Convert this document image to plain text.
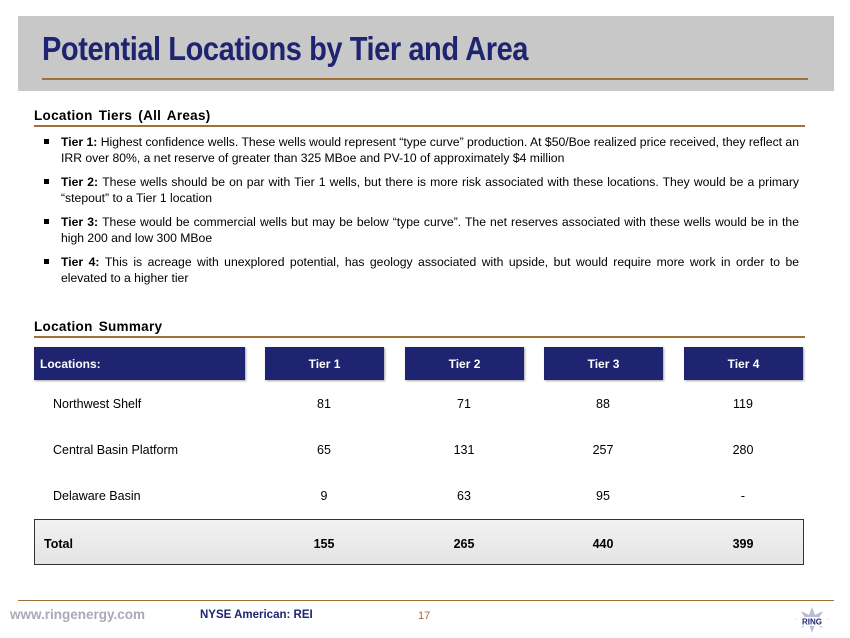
Potential Locations by Tier and Area
Location Tiers (All Areas)
Tier 1: Highest confidence wells. These wells would represent “type curve” production. At $50/Boe realized price received, they reflect an IRR over 80%, a net reserve of greater than 325 MBoe and PV-10 of approximately $4 million
Tier 2: These wells should be on par with Tier 1 wells, but there is more risk associated with these locations. They would be a primary “stepout” to a Tier 1 location
Tier 3: These would be commercial wells but may be below “type curve”. The net reserves associated with these wells would be in the high 200 and low 300 MBoe
Tier 4: This is acreage with unexplored potential, has geology associated with upside, but would require more work in order to be elevated to a higher tier
Location Summary
Locations:	Tier 1	Tier 2	Tier 3	Tier 4
Northwest Shelf	81	71	88	119
Central Basin Platform	65	131	257	280
Delaware Basin	9	63	95	-
Total	155	265	440	399
www.ringenergy.com	NYSE American: REI	17	RING
